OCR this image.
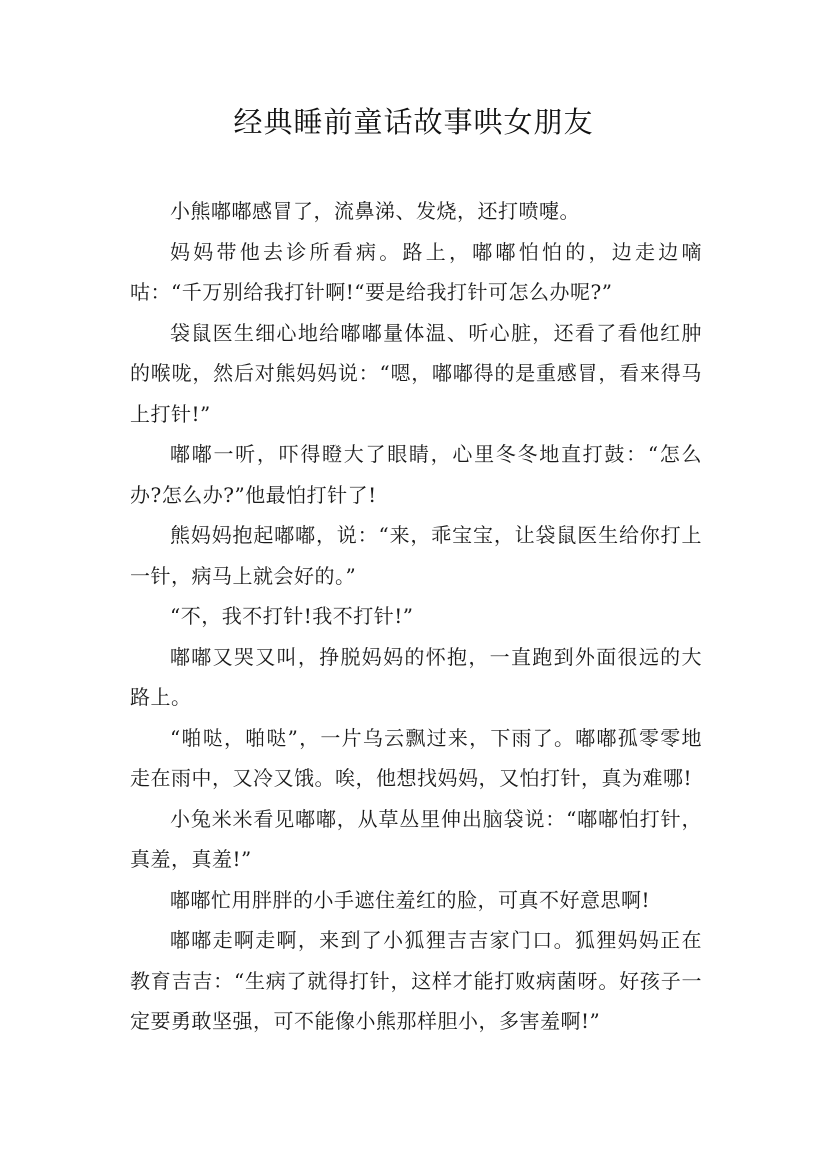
经典睡前童话故事哄女朋友

小熊嘟嘟感冒了，流鼻涕、发烧，还打喷嚏。

妈妈带他去诊所看病。路上，嘟嘟怕怕的，边走边嘀咕：“千万别给我打针啊!“要是给我打针可怎么办呢?”

袋鼠医生细心地给嘟嘟量体温、听心脏，还看了看他红肿的喉咙，然后对熊妈妈说：“嗯，嘟嘟得的是重感冒，看来得马上打针!”

嘟嘟一听，吓得瞪大了眼睛，心里冬冬地直打鼓：“怎么办?怎么办?”他最怕打针了!

熊妈妈抱起嘟嘟，说：“来，乖宝宝，让袋鼠医生给你打上一针，病马上就会好的。”

“不，我不打针!我不打针!”

嘟嘟又哭又叫，挣脱妈妈的怀抱，一直跑到外面很远的大路上。

“啪哒，啪哒”，一片乌云飘过来，下雨了。嘟嘟孤零零地走在雨中，又冷又饿。唉，他想找妈妈，又怕打针，真为难哪!

小兔米米看见嘟嘟，从草丛里伸出脑袋说：“嘟嘟怕打针，真羞，真羞!”

嘟嘟忙用胖胖的小手遮住羞红的脸，可真不好意思啊!

嘟嘟走啊走啊，来到了小狐狸吉吉家门口。狐狸妈妈正在教育吉吉：“生病了就得打针，这样才能打败病菌呀。好孩子一定要勇敢坚强，可不能像小熊那样胆小，多害羞啊!”
